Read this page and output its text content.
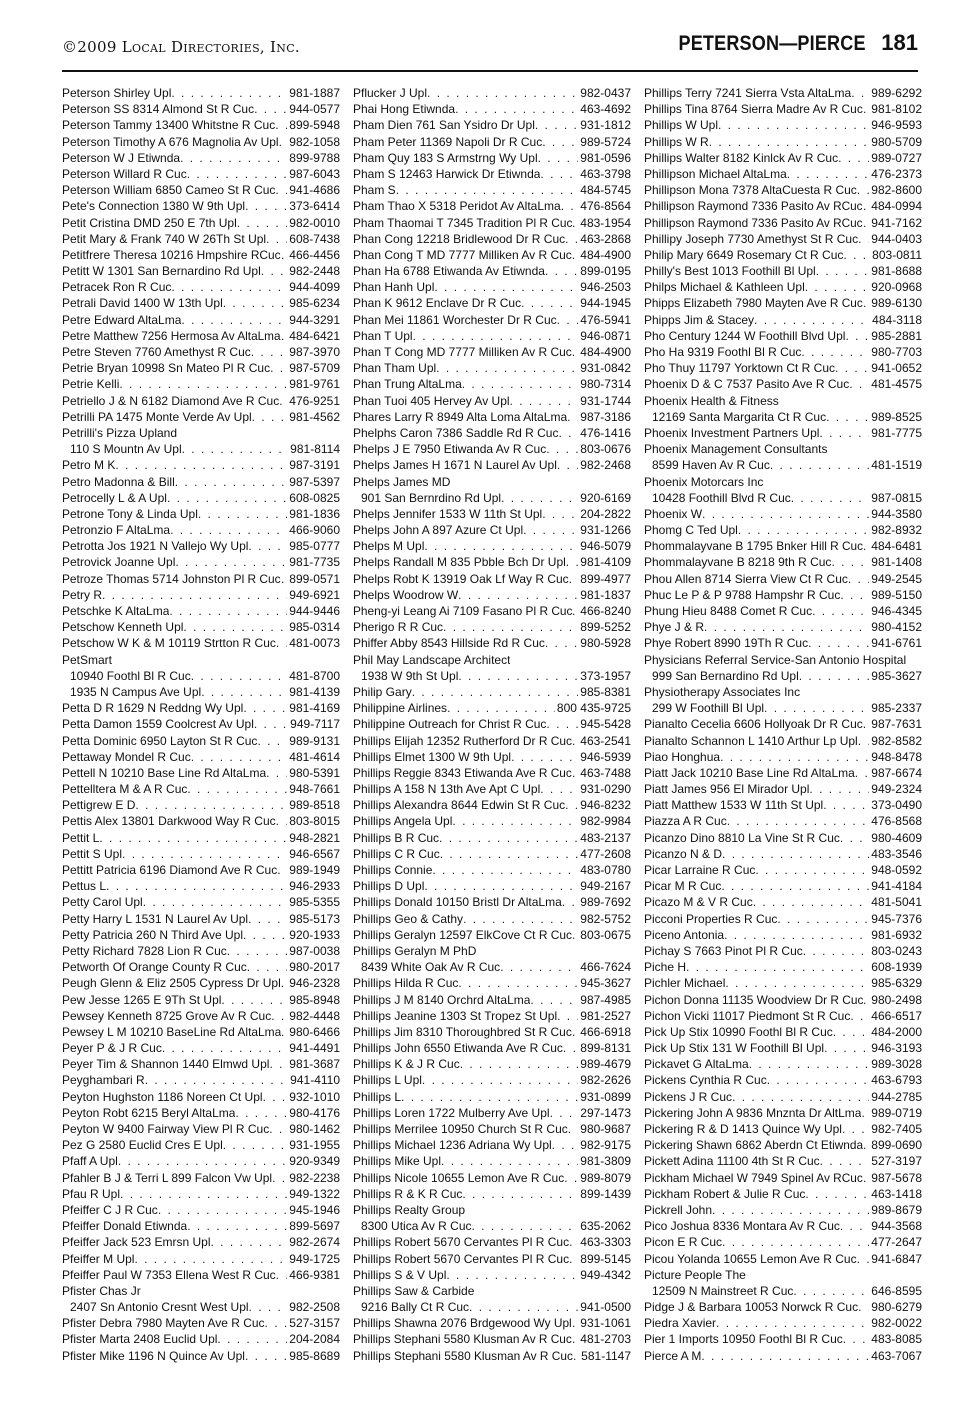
©2009 Local Directories, Inc.	PETERSON—PIERCE 181
Peterson Shirley Upl . . .	981-1887
Peterson SS 8314 Almond St R Cuc . . .	944-0577
Peterson Tammy 13400 Whitstne R Cuc . . . 899-5948
Peterson Timothy A 676 Magnolia Av Upl . . . 982-1058
Peterson W J Etiwnda . . .	899-9788
Peterson Willard R Cuc . . .	987-6043
Peterson William 6850 Cameo St R Cuc . . . 941-4686
Pete's Connection 1380 W 9th Upl . . .	373-6414
Petit Cristina DMD 250 E 7th Upl . . .	982-0010
Petit Mary & Frank 740 W 26Th St Upl . . . 608-7438
Petitfrere Theresa 10216 Hmpshire RCuc . . . 466-4456
Petitt W 1301 San Bernardino Rd Upl . . . 982-2448
Petracek Ron R Cuc . . .	944-4099
Petrali David 1400 W 13th Upl . . .	985-6234
Petre Edward AltaLma . . .	944-3291
Petre Matthew 7256 Hermosa Av AltaLma . . . 484-6421
Petre Steven 7760 Amethyst R Cuc . . .	987-3970
Petrie Bryan 10998 Sn Mateo Pl R Cuc . . . 987-5709
Petrie Kelli . . .	981-9761
Petriello J & N 6182 Diamond Ave R Cuc . . . 476-9251
Petrilli PA 1475 Monte Verde Av Upl . . .	981-4562
Petrilli's Pizza Upland
110 S Mountn Av Upl . . .	981-8114
Petro M K . . .	987-3191
Petro Madonna & Bill . . .	987-5397
Petrocelly L & A Upl . . .	608-0825
Petrone Tony & Linda Upl . . .	981-1836
Petronzio F AltaLma . . .	466-9060
Petrotta Jos 1921 N Vallejo Wy Upl . . .	985-0777
Petrovick Joanne Upl . . .	981-7735
Petroze Thomas 5714 Johnston Pl R Cuc . . . 899-0571
Petry R . . .	949-6921
Petschke K AltaLma . . .	944-9446
Petschow Kenneth Upl . . .	985-0314
Petschow W K & M 10119 Strtton R Cuc . . . 481-0073
PetSmart
10940 Foothl Bl R Cuc . . .	481-8700
1935 N Campus Ave Upl . . .	981-4139
Petta D R 1629 N Reddng Wy Upl . . .	981-4169
Petta Damon 1559 Coolcrest Av Upl . . .	949-7117
Petta Dominic 6950 Layton St R Cuc . . .	989-9131
Pettaway Mondel R Cuc . . .	481-4614
Pettell N 10210 Base Line Rd AltaLma . . . 980-5391
Pettelltera M & A R Cuc . . .	948-7661
Pettigrew E D . . .	989-8518
Pettis Alex 13801 Darkwood Way R Cuc . . . 803-8015
Pettit L . . .	948-2821
Pettit S Upl . . .	946-6567
Pettitt Patricia 6196 Diamond Ave R Cuc . . . 989-1949
Pettus L . . .	946-2933
Petty Carol Upl . . .	985-5355
Petty Harry L 1531 N Laurel Av Upl . . .	985-5173
Petty Patricia 260 N Third Ave Upl . . .	920-1933
Petty Richard 7828 Lion R Cuc . . .	987-0038
Petworth Of Orange County R Cuc . . .	980-2017
Peugh Glenn & Eliz 2505 Cypress Dr Upl . . . 946-2328
Pew Jesse 1265 E 9Th St Upl . . .	985-8948
Pewsey Kenneth 8725 Grove Av R Cuc . . . 982-4448
Pewsey L M 10210 BaseLine Rd AltaLma . . . 980-6466
Peyer P & J R Cuc . . .	941-4491
Peyer Tim & Shannon 1440 Elmwd Upl . . . 981-3687
Peyghambari R . . .	941-4110
Peyton Hughston 1186 Noreen Ct Upl . . . 932-1010
Peyton Robt 6215 Beryl AltaLma . . .	980-4176
Peyton W 9400 Fairway View Pl R Cuc . . . 980-1462
Pez G 2580 Euclid Cres E Upl . . .	931-1955
Pfaff A Upl . . .	920-9349
Pfahler B J & Terri L 899 Falcon Vw Upl . . . 982-2238
Pfau R Upl . . .	949-1322
Pfeiffer C J R Cuc . . .	945-1946
Pfeiffer Donald Etiwnda . . .	899-5697
Pfeiffer Jack 523 Emrsn Upl . . .	982-2674
Pfeiffer M Upl . . .	949-1725
Pfeiffer Paul W 7353 Ellena West R Cuc . . . 466-9381
Pfister Chas Jr
2407 Sn Antonio Cresnt West Upl . . .	982-2508
Pfister Debra 7980 Mayten Ave R Cuc . . . 527-3157
Pfister Marta 2408 Euclid Upl . . .	204-2084
Pfister Mike 1196 N Quince Av Upl . . .	985-8689
Pflucker J Upl . . .	982-0437
Phai Hong Etiwnda . . .	463-4692
Pham Dien 761 San Ysidro Dr Upl . . .	931-1812
Pham Peter 11369 Napoli Dr R Cuc . . .	989-5724
Pham Quy 183 S Armstrng Wy Upl . . .	981-0596
Pham S 12463 Harwick Dr Etiwnda . . .	463-3798
Pham S . . .	484-5745
Pham Thao X 5318 Peridot Av AltaLma . . . 476-8564
Pham Thaomai T 7345 Tradition Pl R Cuc . . . 483-1954
Phan Cong 12218 Bridlewood Dr R Cuc . . . 463-2868
Phan Cong T MD 7777 Milliken Av R Cuc . . . 484-4900
Phan Ha 6788 Etiwanda Av Etiwnda . . .	899-0195
Phan Hanh Upl . . .	946-2503
Phan K 9612 Enclave Dr R Cuc . . .	944-1945
Phan Mei 11861 Worchester Dr R Cuc . . . 476-5941
Phan T Upl . . .	946-0871
Phan T Cong MD 7777 Milliken Av R Cuc . . . 484-4900
Phan Tham Upl . . .	931-0842
Phan Trung AltaLma . . .	980-7314
Phan Tuoi 405 Hervey Av Upl . . .	931-1744
Phares Larry R 8949 Alta Loma AltaLma . . . 987-3186
Phelphs Caron 7386 Saddle Rd R Cuc . . . 476-1416
Phelps J E 7950 Etiwanda Av R Cuc . . .	803-0676
Phelps James H 1671 N Laurel Av Upl . . . 982-2468
Phelps James MD
901 San Bernrdino Rd Upl . . .	920-6169
Phelps Jennifer 1533 W 11th St Upl . . .	204-2822
Phelps John A 897 Azure Ct Upl . . .	931-1266
Phelps M Upl . . .	946-5079
Phelps Randall M 835 Pbble Bch Dr Upl . . . 981-4109
Phelps Robt K 13919 Oak Lf Way R Cuc . . . 899-4977
Phelps Woodrow W . . .	981-1837
Pheng-yi Leang Ai 7109 Fasano Pl R Cuc . . . 466-8240
Pherigo R R Cuc . . .	899-5252
Phiffer Abby 8543 Hillside Rd R Cuc . . .	980-5928
Phil May Landscape Architect
1938 W 9th St Upl . . .	373-1957
Philip Gary . . .	985-8381
Philippine Airlines . . .	800 435-9725
Philippine Outreach for Christ R Cuc . . .	945-5428
Phillips Elijah 12352 Rutherford Dr R Cuc . . . 463-2541
Phillips Elmet 1300 W 9th Upl . . .	946-5939
Phillips Reggie 8343 Etiwanda Ave R Cuc . . . 463-7488
Phillips A 158 N 13th Ave Apt C Upl . . .	931-0290
Phillips Alexandra 8644 Edwin St R Cuc . . . 946-8232
Phillips Angela Upl . . .	982-9984
Phillips B R Cuc . . .	483-2137
Phillips C R Cuc . . .	477-2608
Phillips Connie . . .	483-0780
Phillips D Upl . . .	949-2167
Phillips Donald 10150 Bristl Dr AltaLma . . . 989-7692
Phillips Geo & Cathy . . .	982-5752
Phillips Geralyn 12597 ElkCove Ct R Cuc . . . 803-0675
Phillips Geralyn M PhD
8439 White Oak Av R Cuc . . .	466-7624
Phillips Hilda R Cuc . . .	945-3627
Phillips J M 8140 Orchrd AltaLma . . .	987-4985
Phillips Jeanine 1303 St Tropez St Upl . . . 981-2527
Phillips Jim 8310 Thoroughbred St R Cuc . . . 466-6918
Phillips John 6550 Etiwanda Ave R Cuc . . . 899-8131
Phillips K & J R Cuc . . .	989-4679
Phillips L Upl . . .	982-2626
Phillips L . . .	931-0899
Phillips Loren 1722 Mulberry Ave Upl . . .	297-1473
Phillips Merrilee 10950 Church St R Cuc . . . 980-9687
Phillips Michael 1236 Adriana Wy Upl . . . 982-9175
Phillips Mike Upl . . .	981-3809
Phillips Nicole 10655 Lemon Ave R Cuc . . . 989-8079
Phillips R & K R Cuc . . .	899-1439
Phillips Realty Group
8300 Utica Av R Cuc . . .	635-2062
Phillips Robert 5670 Cervantes Pl R Cuc . . . 463-3303
Phillips Robert 5670 Cervantes Pl R Cuc . . . 899-5145
Phillips S & V Upl . . .	949-4342
Phillips Saw & Carbide
9216 Bally Ct R Cuc . . .	941-0500
Phillips Shawna 2076 Brdgewood Wy Upl . . . 931-1061
Phillips Stephani 5580 Klusman Av R Cuc . . . 481-2703
Phillips Stephani 5580 Klusman Av R Cuc . . . 581-1147
Phillips Terry 7241 Sierra Vsta AltaLma . . . 989-6292
Phillips Tina 8764 Sierra Madre Av R Cuc . . . 981-8102
Phillips W Upl . . .	946-9593
Phillips W R . . .	980-5709
Phillips Walter 8182 Kinlck Av R Cuc . . .	989-0727
Phillipson Michael AltaLma . . .	476-2373
Phillipson Mona 7378 AltaCuesta R Cuc . . . 982-8600
Phillipson Raymond 7336 Pasito Av RCuc . . . 484-0994
Phillipson Raymond 7336 Pasito Av RCuc . . . 941-7162
Phillipy Joseph 7730 Amethyst St R Cuc . . . 944-0403
Philip Mary 6649 Rosemary Ct R Cuc . . . 803-0811
Philly's Best 1013 Foothill Bl Upl . . .	981-8688
Philps Michael & Kathleen Upl . . .	920-0968
Phipps Elizabeth 7980 Mayten Ave R Cuc . . . 989-6130
Phipps Jim & Stacey . . .	484-3118
Pho Century 1244 W Foothill Blvd Upl . . . 985-2881
Pho Ha 9319 Foothl Bl R Cuc . . .	980-7703
Pho Thuy 11797 Yorktown Ct R Cuc . . .	941-0652
Phoenix D & C 7537 Pasito Ave R Cuc . . . 481-4575
Phoenix Health & Fitness
12169 Santa Margarita Ct R Cuc . . .	989-8525
Phoenix Investment Partners Upl . . .	981-7775
Phoenix Management Consultants
8599 Haven Av R Cuc . . .	481-1519
Phoenix Motorcars Inc
10428 Foothill Blvd R Cuc . . .	987-0815
Phoenix W . . .	944-3580
Phomg C Ted Upl . . .	982-8932
Phommalayvane B 1795 Bnker Hill R Cuc . . . 484-6481
Phommalayvane B 8218 9th R Cuc . . .	981-1408
Phou Allen 8714 Sierra View Ct R Cuc . . . 949-2545
Phuc Le P & P 9788 Hampshr R Cuc . . .	989-5150
Phung Hieu 8488 Comet R Cuc . . .	946-4345
Phye J & R . . .	980-4152
Phye Robert 8990 19Th R Cuc . . .	941-6761
Physicians Referral Service-San Antonio Hospital
999 San Bernardino Rd Upl . . .	985-3627
Physiotherapy Associates Inc
299 W Foothill Bl Upl . . .	985-2337
Pianalto Cecelia 6606 Hollyoak Dr R Cuc . . . 987-7631
Pianalto Schannon L 1410 Arthur Lp Upl . . . 982-8582
Piao Honghua . . .	948-8478
Piatt Jack 10210 Base Line Rd AltaLma . . . 987-6674
Piatt James 956 El Mirador Upl . . .	949-2324
Piatt Matthew 1533 W 11th St Upl . . .	373-0490
Piazza A R Cuc . . .	476-8568
Picanzo Dino 8810 La Vine St R Cuc . . .	980-4609
Picanzo N & D . . .	483-3546
Picar Larraine R Cuc . . .	948-0592
Picar M R Cuc . . .	941-4184
Picazo M & V R Cuc . . .	481-5041
Picconi Properties R Cuc . . .	945-7376
Piceno Antonia . . .	981-6932
Pichay S 7663 Pinot Pl R Cuc . . .	803-0243
Piche H . . .	608-1939
Pichler Michael . . .	985-6329
Pichon Donna 11135 Woodview Dr R Cuc . . . 980-2498
Pichon Vicki 11017 Piedmont St R Cuc . . . 466-6517
Pick Up Stix 10990 Foothl Bl R Cuc . . .	484-2000
Pick Up Stix 131 W Foothill Bl Upl . . .	946-3193
Pickavet G AltaLma . . .	989-3028
Pickens Cynthia R Cuc . . .	463-6793
Pickens J R Cuc . . .	944-2785
Pickering John A 9836 Mnznta Dr AltLma . . . 989-0719
Pickering R & D 1413 Quince Wy Upl . . . 982-7405
Pickering Shawn 6862 Aberdn Ct Etiwnda . . . 899-0690
Pickett Adina 11100 4th St R Cuc . . .	527-3197
Pickham Michael W 7949 Spinel Av RCuc . . . 987-5678
Pickham Robert & Julie R Cuc . . .	463-1418
Pickrell John . . .	989-8679
Pico Joshua 8336 Montara Av R Cuc . . .	944-3568
Picon E R Cuc . . .	477-2647
Picou Yolanda 10655 Lemon Ave R Cuc . . . 941-6847
Picture People The
12509 N Mainstreet R Cuc . . .	646-8595
Pidge J & Barbara 10053 Norwck R Cuc . . . 980-6279
Piedra Xavier . . .	982-0022
Pier 1 Imports 10950 Foothl Bl R Cuc . . . 483-8085
Pierce A M . . .	463-7067
